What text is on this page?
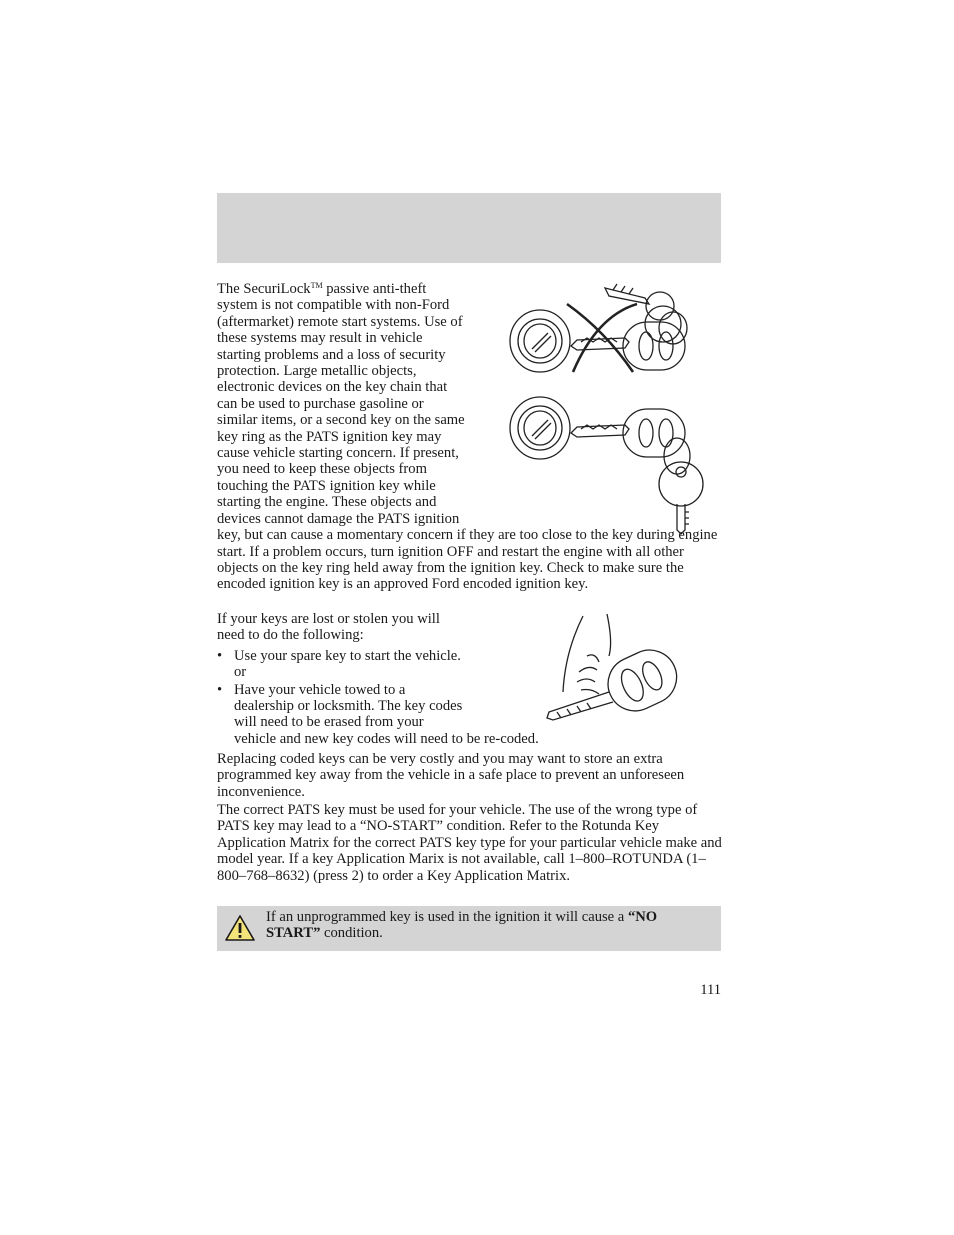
The SecuriLock™ passive anti-theft system is not compatible with non-Ford (aftermarket) remote start systems. Use of these systems may result in vehicle starting problems and a loss of security protection. Large metallic objects, electronic devices on the key chain that can be used to purchase gasoline or similar items, or a second key on the same key ring as the PATS ignition key may cause vehicle starting concern. If present, you need to keep these objects from touching the PATS ignition key while starting the engine. These objects and devices cannot damage the PATS ignition key, but can cause a momentary concern if they are too close to the key during engine start. If a problem occurs, turn ignition OFF and restart the engine with all other objects on the key ring held away from the ignition key. Check to make sure the encoded ignition key is an approved Ford encoded ignition key.

If your keys are lost or stolen you will need to do the following:

• Use your spare key to start the vehicle. or
• Have your vehicle towed to a dealership or locksmith. The key codes will need to be erased from your vehicle and new key codes will need to be re-coded.
Replacing coded keys can be very costly and you may want to store an extra programmed key away from the vehicle in a safe place to prevent an unforeseen inconvenience.
The correct PATS key must be used for your vehicle. The use of the wrong type of PATS key may lead to a “NO-START” condition. Refer to the Rotunda Key Application Matrix for the correct PATS key type for your particular vehicle make and model year. If a key Application Marix is not available, call 1–800–ROTUNDA (1–800–768–8632) (press 2) to order a Key Application Matrix.
If an unprogrammed key is used in the ignition it will cause a “NO START” condition.
111
